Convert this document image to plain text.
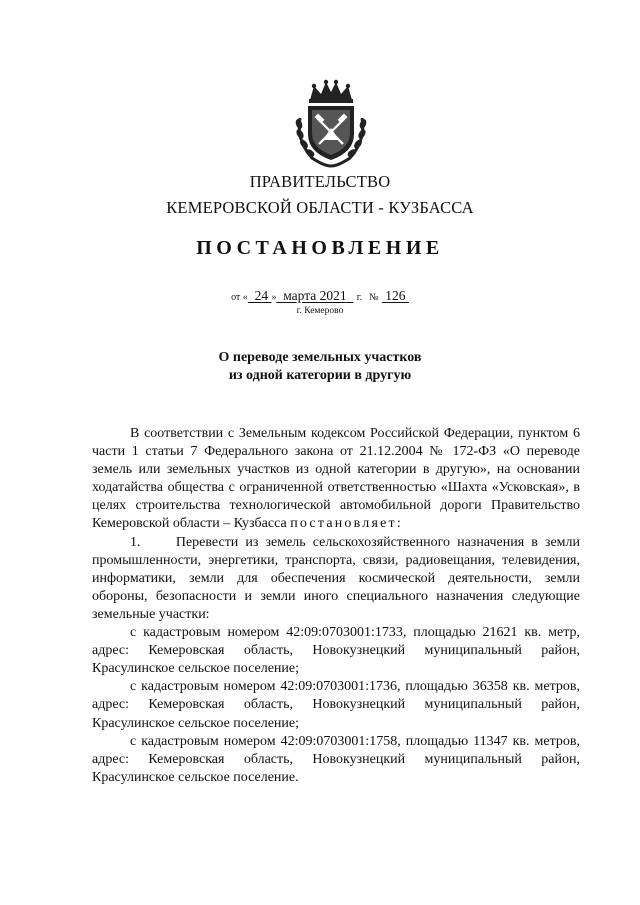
ПРАВИТЕЛЬСТВО
КЕМЕРОВСКОЙ ОБЛАСТИ - КУЗБАССА
ПОСТАНОВЛЕНИЕ
от « 24 » марта 2021 г. № 126
г. Кемерово
О переводе земельных участков
из одной категории в другую

В соответствии с Земельным кодексом Российской Федерации, пунктом 6 части 1 статьи 7 Федерального закона от 21.12.2004 № 172-ФЗ «О переводе земель или земельных участков из одной категории в другую», на основании ходатайства общества с ограниченной ответственностью «Шахта «Усковская», в целях строительства технологической автомобильной дороги Правительство Кемеровской области – Кузбасса постановляет:

1.     Перевести из земель сельскохозяйственного назначения в земли промышленности, энергетики, транспорта, связи, радиовещания, телевидения, информатики, земли для обеспечения космической деятельности, земли обороны, безопасности и земли иного специального назначения следующие земельные участки:

с кадастровым номером 42:09:0703001:1733, площадью 21621 кв. метр, адрес: Кемеровская область, Новокузнецкий муниципальный район, Красулинское сельское поселение;

с кадастровым номером 42:09:0703001:1736, площадью 36358 кв. метров, адрес: Кемеровская область, Новокузнецкий муниципальный район, Красулинское сельское поселение;

с кадастровым номером 42:09:0703001:1758, площадью 11347 кв. метров, адрес: Кемеровская область, Новокузнецкий муниципальный район, Красулинское сельское поселение.
